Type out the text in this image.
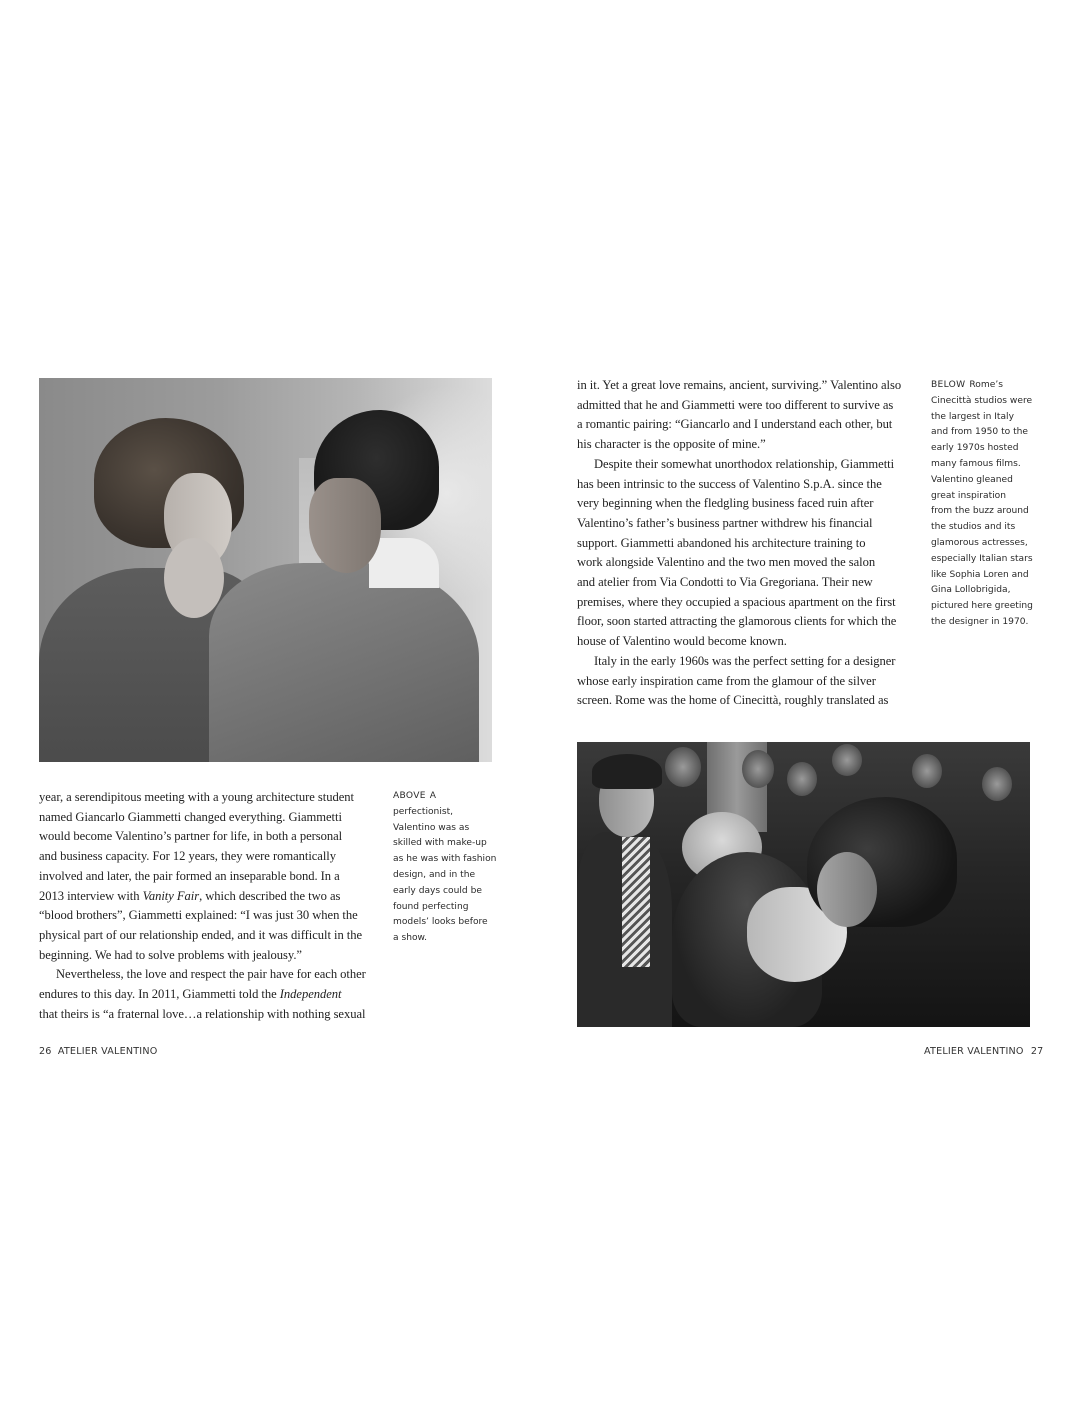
year, a serendipitous meeting with a young architecture student
named Giancarlo Giammetti changed everything. Giammetti
would become Valentino’s partner for life, in both a personal
and business capacity. For 12 years, they were romantically
involved and later, the pair formed an inseparable bond. In a
2013 interview with Vanity Fair, which described the two as
“blood brothers”, Giammetti explained: “I was just 30 when the
physical part of our relationship ended, and it was difficult in the
beginning. We had to solve problems with jealousy.”
Nevertheless, the love and respect the pair have for each other
endures to this day. In 2011, Giammetti told the Independent
that theirs is “a fraternal love…a relationship with nothing sexual
ABOVE A
perfectionist,
Valentino was as
skilled with make-up
as he was with fashion
design, and in the
early days could be
found perfecting
models’ looks before
a show.
26 ATELIER VALENTINO
in it. Yet a great love remains, ancient, surviving.” Valentino also
admitted that he and Giammetti were too different to survive as
a romantic pairing: “Giancarlo and I understand each other, but
his character is the opposite of mine.”
Despite their somewhat unorthodox relationship, Giammetti
has been intrinsic to the success of Valentino S.p.A. since the
very beginning when the fledgling business faced ruin after
Valentino’s father’s business partner withdrew his financial
support. Giammetti abandoned his architecture training to
work alongside Valentino and the two men moved the salon
and atelier from Via Condotti to Via Gregoriana. Their new
premises, where they occupied a spacious apartment on the first
floor, soon started attracting the glamorous clients for which the
house of Valentino would become known.
Italy in the early 1960s was the perfect setting for a designer
whose early inspiration came from the glamour of the silver
screen. Rome was the home of Cinecittà, roughly translated as
BELOW Rome’s
Cinecittà studios were
the largest in Italy
and from 1950 to the
early 1970s hosted
many famous films.
Valentino gleaned
great inspiration
from the buzz around
the studios and its
glamorous actresses,
especially Italian stars
like Sophia Loren and
Gina Lollobrigida,
pictured here greeting
the designer in 1970.
ATELIER VALENTINO 27
